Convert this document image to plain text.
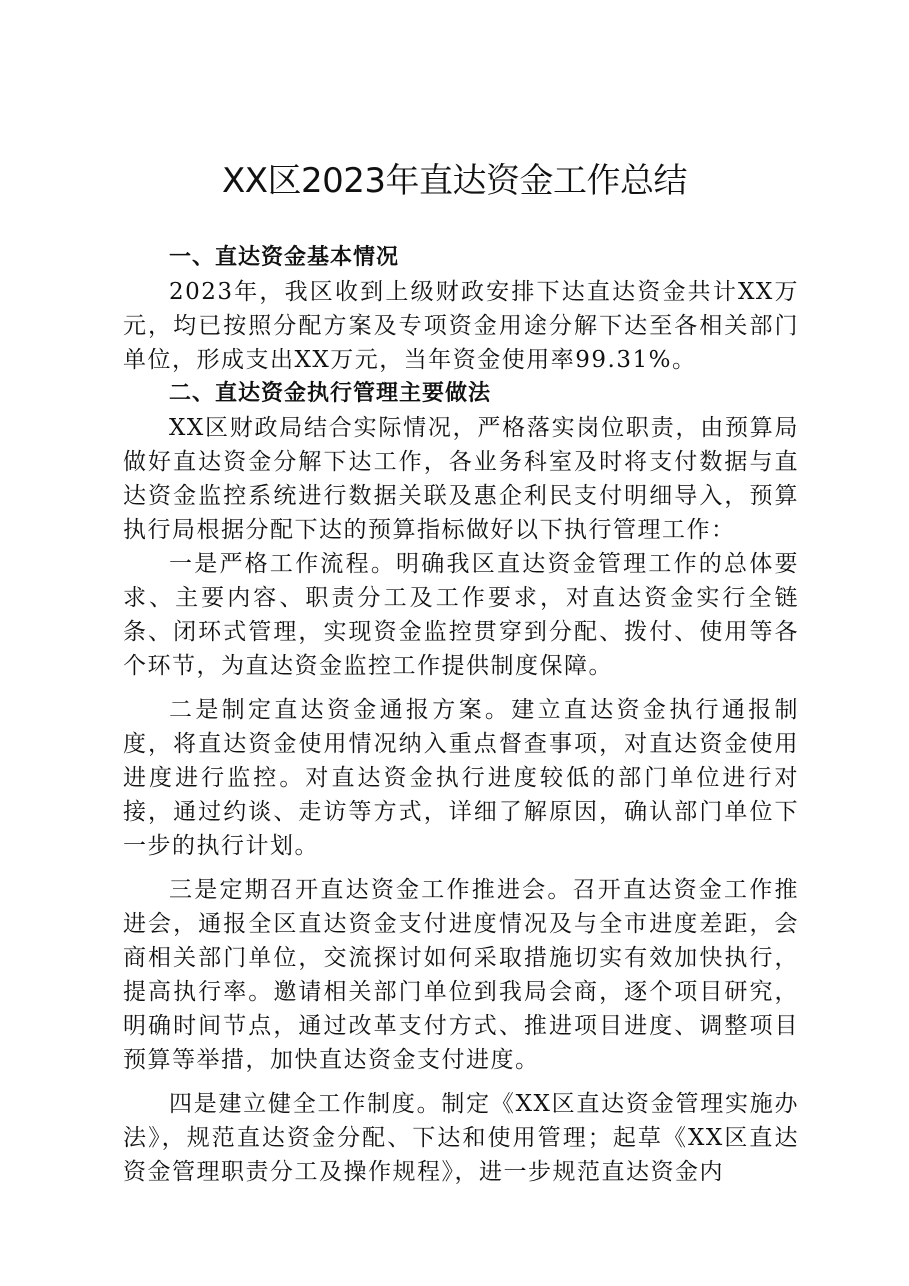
XX区2023年直达资金工作总结

一、直达资金基本情况

2023年，我区收到上级财政安排下达直达资金共计XX万元，均已按照分配方案及专项资金用途分解下达至各相关部门单位，形成支出XX万元，当年资金使用率99.31%。

二、直达资金执行管理主要做法

XX区财政局结合实际情况，严格落实岗位职责，由预算局做好直达资金分解下达工作，各业务科室及时将支付数据与直达资金监控系统进行数据关联及惠企利民支付明细导入，预算执行局根据分配下达的预算指标做好以下执行管理工作：

一是严格工作流程。明确我区直达资金管理工作的总体要求、主要内容、职责分工及工作要求，对直达资金实行全链条、闭环式管理，实现资金监控贯穿到分配、拨付、使用等各个环节，为直达资金监控工作提供制度保障。

二是制定直达资金通报方案。建立直达资金执行通报制度，将直达资金使用情况纳入重点督查事项，对直达资金使用进度进行监控。对直达资金执行进度较低的部门单位进行对接，通过约谈、走访等方式，详细了解原因，确认部门单位下一步的执行计划。

三是定期召开直达资金工作推进会。召开直达资金工作推进会，通报全区直达资金支付进度情况及与全市进度差距，会商相关部门单位，交流探讨如何采取措施切实有效加快执行，提高执行率。邀请相关部门单位到我局会商，逐个项目研究，明确时间节点，通过改革支付方式、推进项目进度、调整项目预算等举措，加快直达资金支付进度。

四是建立健全工作制度。制定《XX区直达资金管理实施办法》，规范直达资金分配、下达和使用管理；起草《XX区直达资金管理职责分工及操作规程》，进一步规范直达资金内
